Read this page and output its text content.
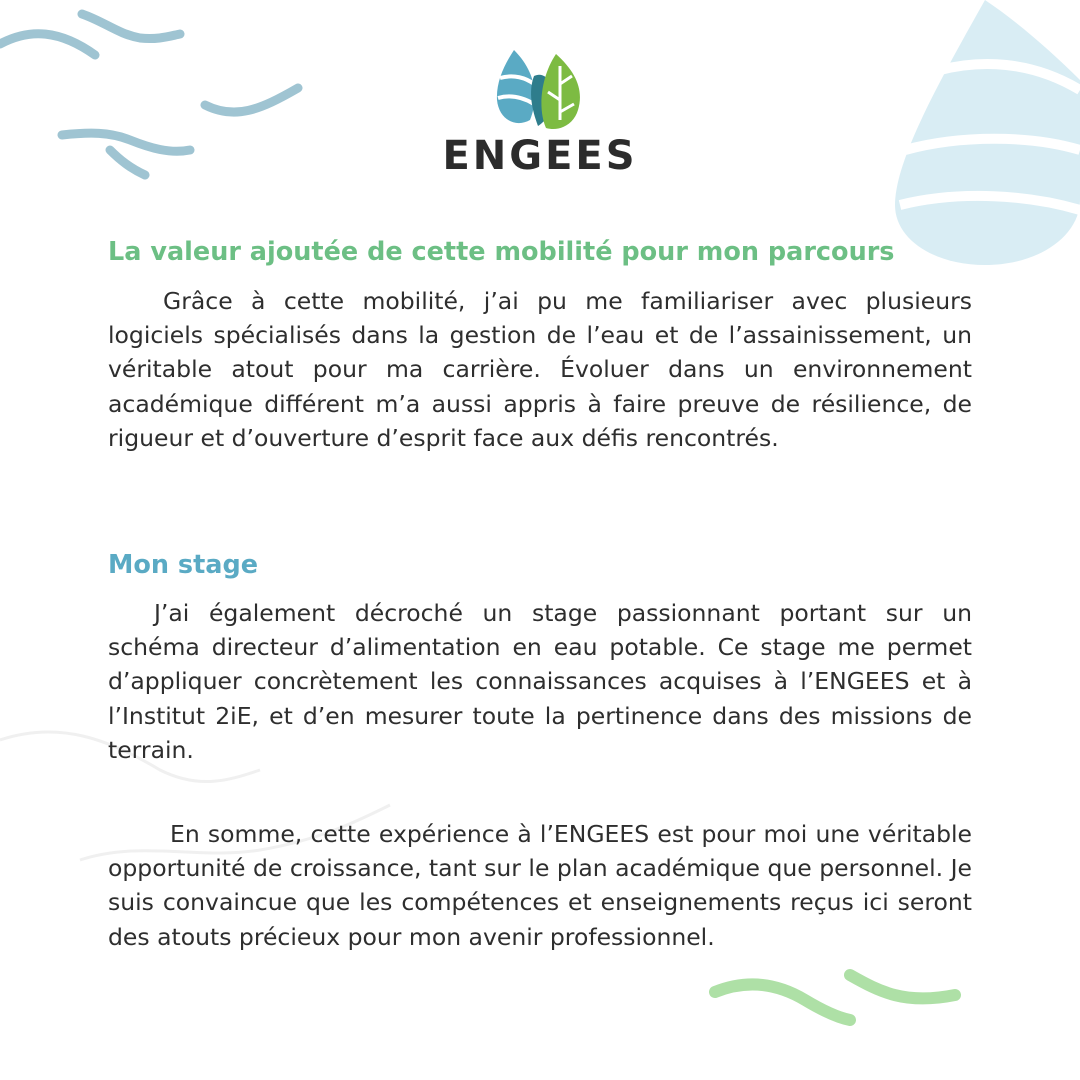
ENGEES
La valeur ajoutée de cette mobilité pour mon parcours

Grâce à cette mobilité, j’ai pu me familiariser avec plusieurs logiciels spécialisés dans la gestion de l’eau et de l’assainissement, un véritable atout pour ma carrière. Évoluer dans un environnement académique différent m’a aussi appris à faire preuve de résilience, de rigueur et d’ouverture d’esprit face aux défis rencontrés.

Mon stage

J’ai également décroché un stage passionnant portant sur un schéma directeur d’alimentation en eau potable. Ce stage me permet d’appliquer concrètement les connaissances acquises à l’ENGEES et à l’Institut 2iE, et d’en mesurer toute la pertinence dans des missions de terrain.

En somme, cette expérience à l’ENGEES est pour moi une véritable opportunité de croissance, tant sur le plan académique que personnel. Je suis convaincue que les compétences et enseignements reçus ici seront des atouts précieux pour mon avenir professionnel.
